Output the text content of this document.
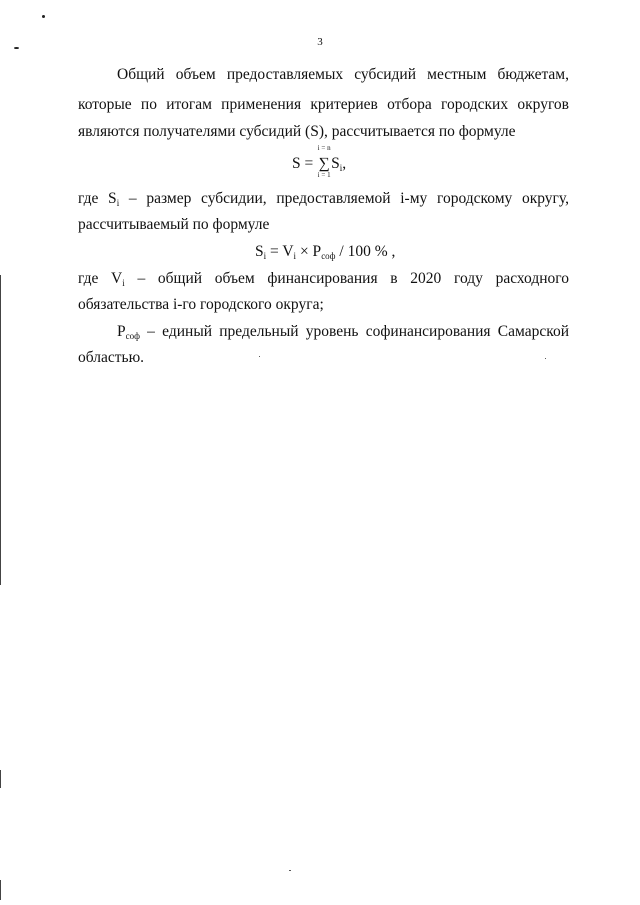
3
Общий объем предоставляемых субсидий местным бюджетам,
которые по итогам применения критериев отбора городских округов
являются получателями субсидий (S), рассчитывается по формуле
S = ∑
i = n
i = 1
$S_i$,
где $S_i$ – размер субсидии, предоставляемой i-му городскому округу,
рассчитываемый по формуле
$S_i = V_i \times P_{соф} / 100$ % ,
где $V_i$ – общий объем финансирования в 2020 году расходного
обязательства i-го городского округа;
$P_{соф}$ – единый предельный уровень софинансирования Самарской
областью.
